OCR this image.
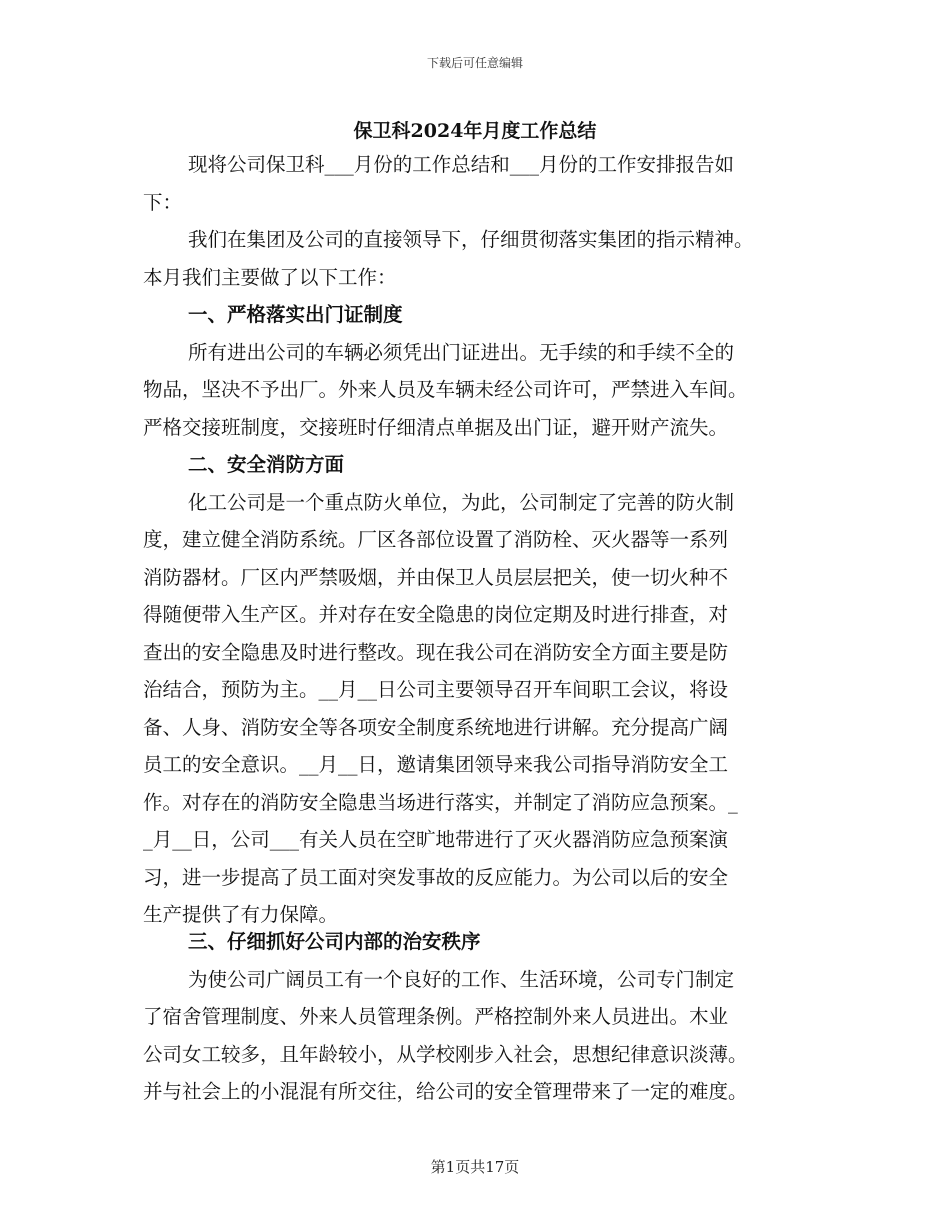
下载后可任意编辑
保卫科2024年月度工作总结
现将公司保卫科___月份的工作总结和___月份的工作安排报告如
下：
我们在集团及公司的直接领导下，仔细贯彻落实集团的指示精神。
本月我们主要做了以下工作：
一、严格落实出门证制度
所有进出公司的车辆必须凭出门证进出。无手续的和手续不全的
物品，坚决不予出厂。外来人员及车辆未经公司许可，严禁进入车间。
严格交接班制度，交接班时仔细清点单据及出门证，避开财产流失。
二、安全消防方面
化工公司是一个重点防火单位，为此，公司制定了完善的防火制
度，建立健全消防系统。厂区各部位设置了消防栓、灭火器等一系列
消防器材。厂区内严禁吸烟，并由保卫人员层层把关，使一切火种不
得随便带入生产区。并对存在安全隐患的岗位定期及时进行排查，对
查出的安全隐患及时进行整改。现在我公司在消防安全方面主要是防
治结合，预防为主。__月__日公司主要领导召开车间职工会议，将设
备、人身、消防安全等各项安全制度系统地进行讲解。充分提高广阔
员工的安全意识。__月__日，邀请集团领导来我公司指导消防安全工
作。对存在的消防安全隐患当场进行落实，并制定了消防应急预案。_
_月__日，公司___有关人员在空旷地带进行了灭火器消防应急预案演
习，进一步提高了员工面对突发事故的反应能力。为公司以后的安全
生产提供了有力保障。
三、仔细抓好公司内部的治安秩序
为使公司广阔员工有一个良好的工作、生活环境，公司专门制定
了宿舍管理制度、外来人员管理条例。严格控制外来人员进出。木业
公司女工较多，且年龄较小，从学校刚步入社会，思想纪律意识淡薄。
并与社会上的小混混有所交往，给公司的安全管理带来了一定的难度。
第1页共17页
